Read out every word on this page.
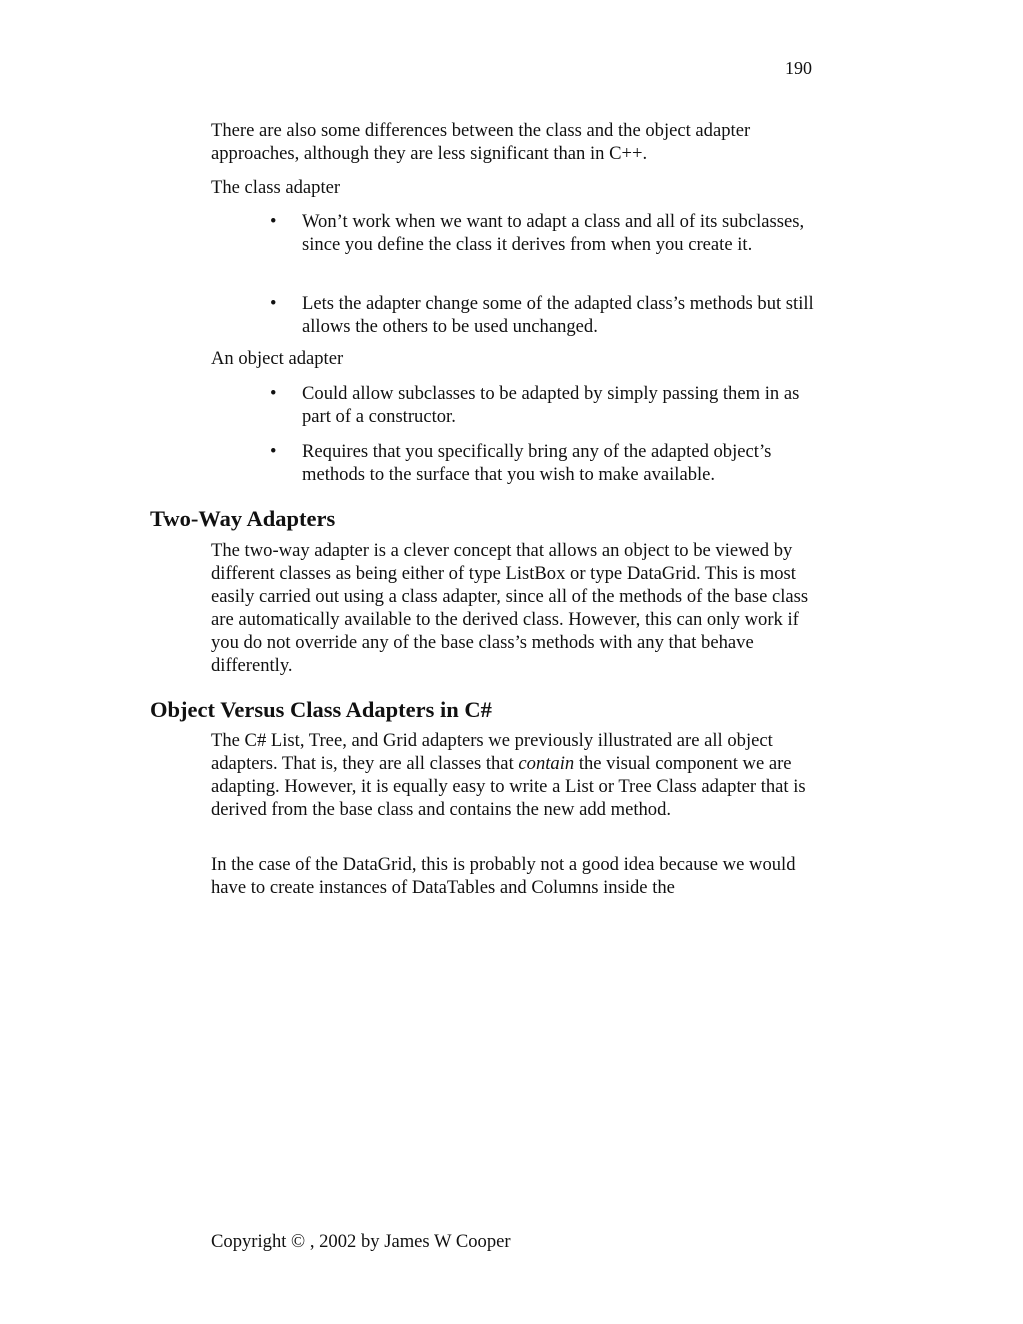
190

There are also some differences between the class and the object adapter approaches, although they are less significant than in C++.

The class adapter

•	Won’t work when we want to adapt a class and all of its subclasses, since you define the class it derives from when you create it.
•	Lets the adapter change some of the adapted class’s methods but still allows the others to be used unchanged.

An object adapter

•	Could allow subclasses to be adapted by simply passing them in as part of a constructor.
•	Requires that you specifically bring any of the adapted object’s methods to the surface that you wish to make available.
Two-Way Adapters

The two-way adapter is a clever concept that allows an object to be viewed by different classes as being either of type ListBox or type DataGrid. This is most easily carried out using a class adapter, since all of the methods of the base class are automatically available to the derived class. However, this can only work if you do not override any of the base class’s methods with any that behave differently.

Object Versus Class Adapters in C#

The C# List, Tree, and Grid adapters we previously illustrated are all object adapters. That is, they are all classes that contain the visual component we are adapting. However, it is equally easy to write a List or Tree Class adapter that is derived from the base class and contains the new add method.

In the case of the DataGrid, this is probably not a good idea because we would have to create instances of DataTables and Columns inside the

Copyright © , 2002 by James W Cooper
